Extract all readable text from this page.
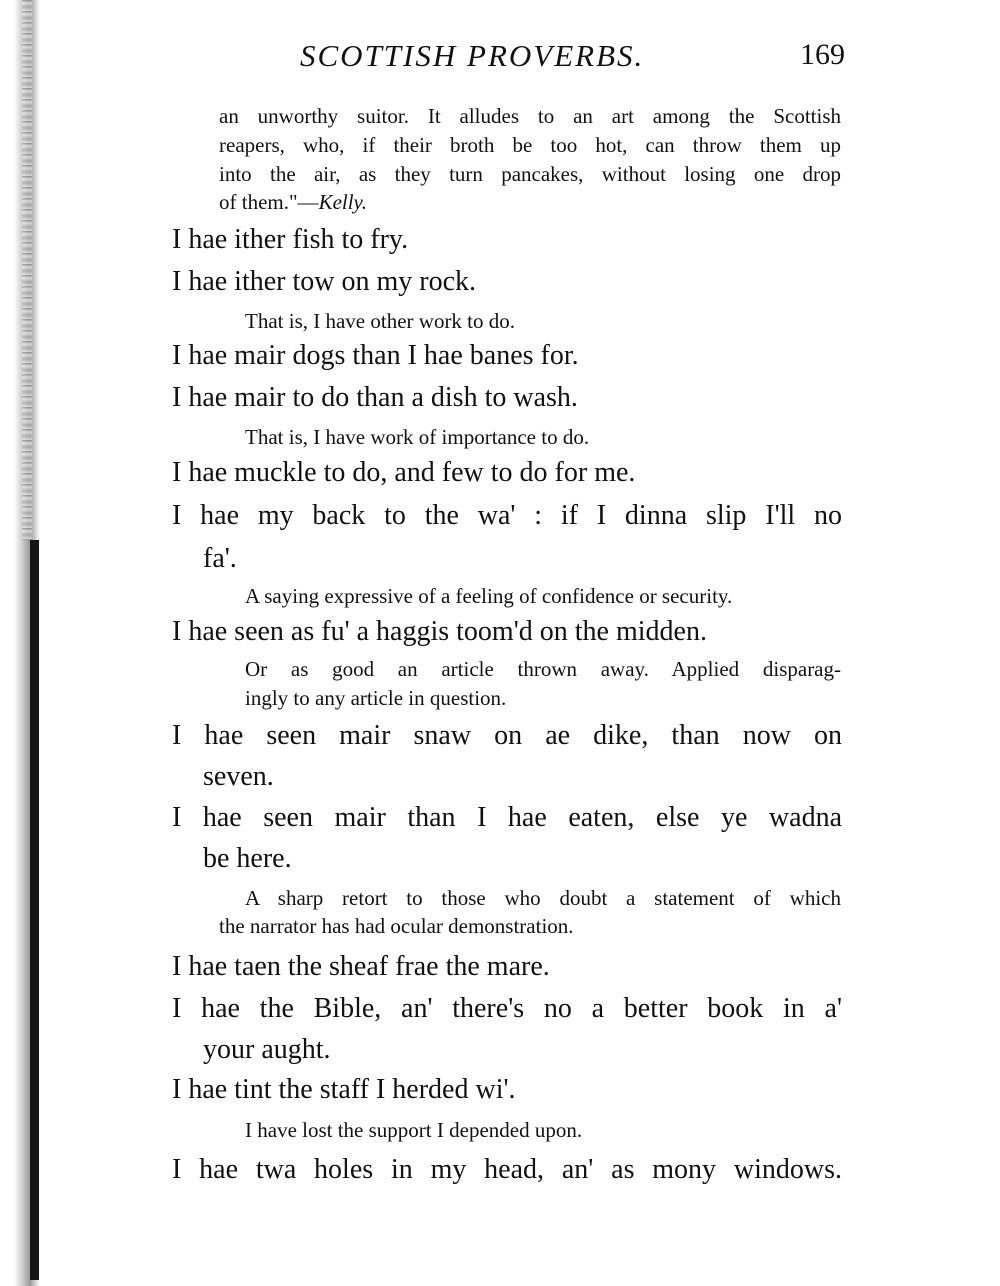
SCOTTISH PROVERBS.	169
an unworthy suitor. It alludes to an art among the Scottish
reapers, who, if their broth be too hot, can throw them up
into the air, as they turn pancakes, without losing one drop
of them."—Kelly.
I hae ither fish to fry.
I hae ither tow on my rock.
That is, I have other work to do.
I hae mair dogs than I hae banes for.
I hae mair to do than a dish to wash.
That is, I have work of importance to do.
I hae muckle to do, and few to do for me.
I hae my back to the wa' : if I dinna slip I'll no
fa'.
A saying expressive of a feeling of confidence or security.
I hae seen as fu' a haggis toom'd on the midden.
Or as good an article thrown away. Applied disparag-
ingly to any article in question.
I hae seen mair snaw on ae dike, than now on
seven.
I hae seen mair than I hae eaten, else ye wadna
be here.
A sharp retort to those who doubt a statement of which
the narrator has had ocular demonstration.
I hae taen the sheaf frae the mare.
I hae the Bible, an' there's no a better book in a'
your aught.
I hae tint the staff I herded wi'.
I have lost the support I depended upon.
I hae twa holes in my head, an' as mony windows.
